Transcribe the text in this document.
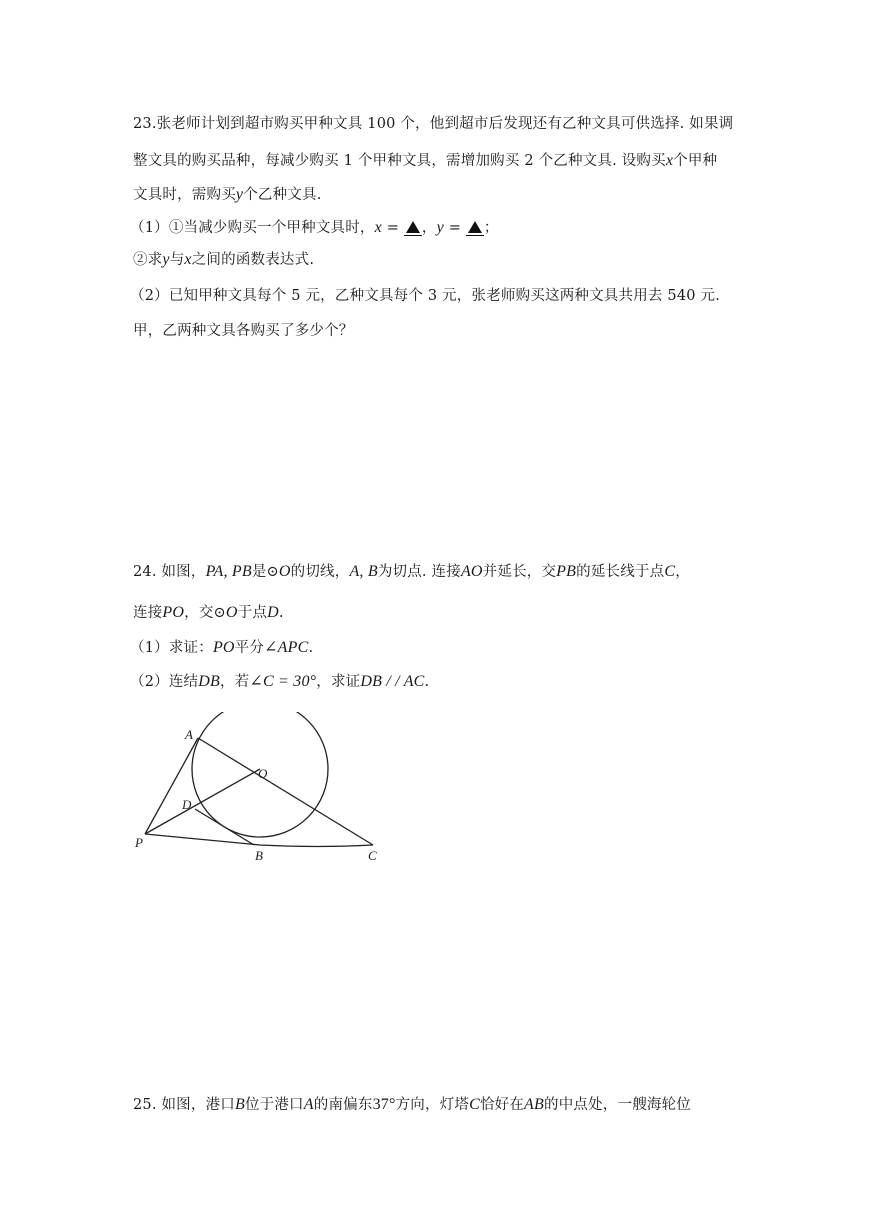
23.张老师计划到超市购买甲种文具 100 个，他到超市后发现还有乙种文具可供选择. 如果调
整文具的购买品种，每减少购买 1 个甲种文具，需增加购买 2 个乙种文具. 设购买x个甲种
文具时，需购买y个乙种文具.
（1）①当减少购买一个甲种文具时，x = ，y = ；
②求y与x之间的函数表达式.
（2）已知甲种文具每个 5 元，乙种文具每个 3 元，张老师购买这两种文具共用去 540 元.
甲，乙两种文具各购买了多少个？
24. 如图，PA, PB是⊙O的切线，A, B为切点. 连接AO并延长，交PB的延长线于点C，
连接PO，交⊙O于点D.
（1）求证：PO平分∠APC.
（2）连结DB，若∠C = 30°，求证DB / / AC.
A
O
D
P
B	C
25. 如图，港口B位于港口A的南偏东37°方向，灯塔C恰好在AB的中点处，一艘海轮位
